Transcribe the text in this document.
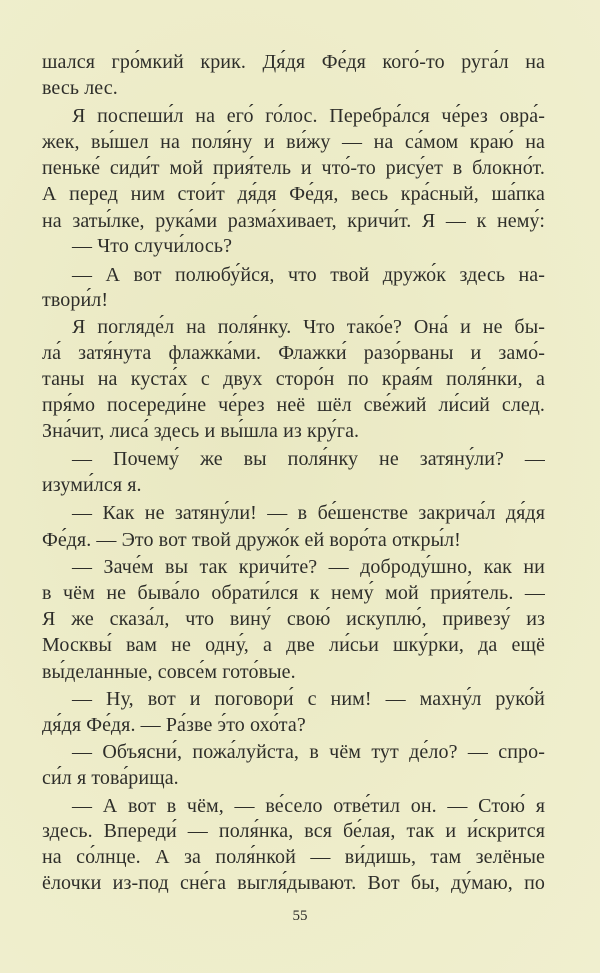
шался гро́мкий крик. Дя́дя Фе́дя кого́-то руга́л на
весь лес.
Я поспеши́л на его́ го́лос. Перебра́лся че́рез овра́-
жек, вы́шел на поля́ну и ви́жу — на са́мом краю́ на
пеньке́ сиди́т мой прия́тель и что́-то рису́ет в блокно́т.
А перед ним стои́т дя́дя Фе́дя, весь кра́сный, ша́пка
на заты́лке, рука́ми разма́хивает, кричи́т. Я — к нему́:
— Что случи́лось?
— А вот полюбу́йся, что твой дружо́к здесь на-
твори́л!
Я погляде́л на поля́нку. Что тако́е? Она́ и не бы-
ла́ затя́нута флажка́ми. Флажки́ разо́рваны и замо́-
таны на куста́х с двух сторо́н по края́м поля́нки, а
пря́мо посереди́не че́рез неё шёл све́жий ли́сий след.
Зна́чит, лиса́ здесь и вы́шла из кру́га.
— Почему́ же вы поля́нку не затяну́ли? —
изуми́лся я.
— Как не затяну́ли! — в бе́шенстве закрича́л дя́дя
Фе́дя. — Это вот твой дружо́к ей воро́та откры́л!
— Заче́м вы так кричи́те? — доброду́шно, как ни
в чём не быва́ло обрати́лся к нему́ мой прия́тель. —
Я же сказа́л, что вину́ свою́ искуплю́, привезу́ из
Москвы́ вам не одну́, а две ли́сьи шку́рки, да ещё
вы́деланные, совсе́м гото́вые.
— Ну, вот и поговори́ с ним! — махну́л руко́й
дя́дя Фе́дя. — Ра́зве э́то охо́та?
— Объясни́, пожа́луйста, в чём тут де́ло? — спро-
си́л я това́рища.
— А вот в чём, — ве́село отве́тил он. — Стою́ я
здесь. Впереди́ — поля́нка, вся бе́лая, так и и́скрится
на со́лнце. А за поля́нкой — ви́дишь, там зелёные
ёлочки из-под сне́га выгля́дывают. Вот бы, ду́маю, по
55
